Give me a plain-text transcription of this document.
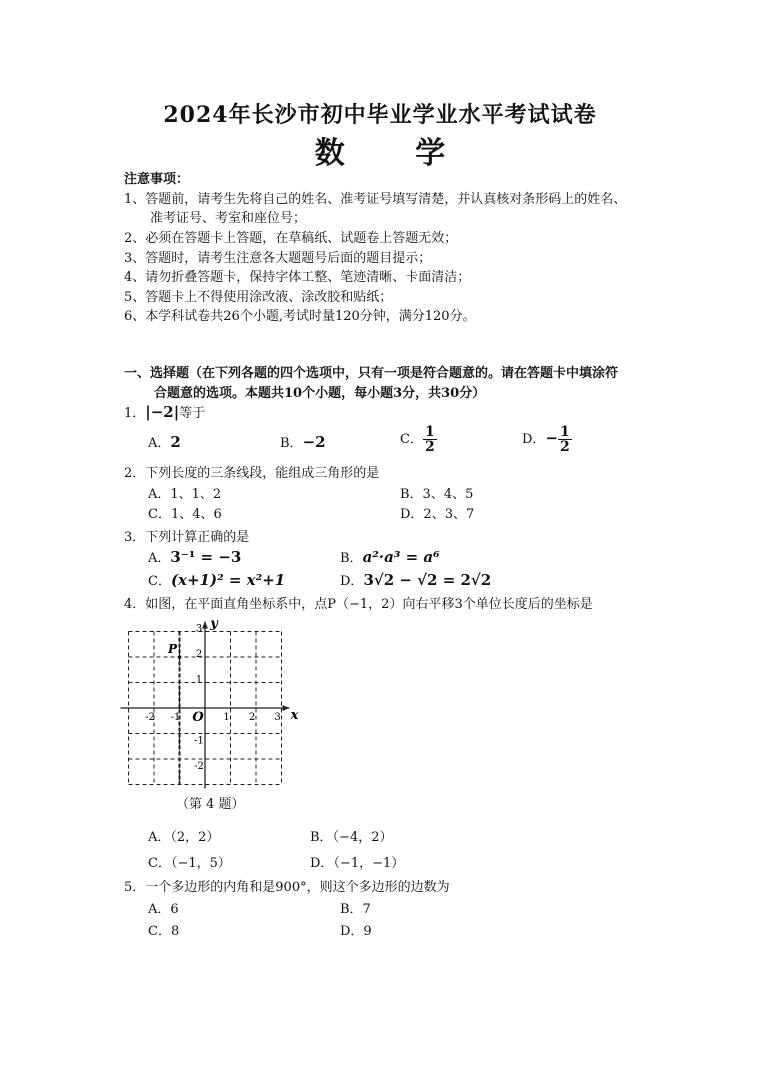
2024年长沙市初中毕业学业水平考试试卷
数 学
注意事项：
1、答题前，请考生先将自己的姓名、准考证号填写清楚，并认真核对条形码上的姓名、
准考证号、考室和座位号；
2、必须在答题卡上答题，在草稿纸、试题卷上答题无效；
3、答题时，请考生注意各大题题号后面的题目提示；
4、请勿折叠答题卡，保持字体工整、笔迹清晰、卡面清洁；
5、答题卡上不得使用涂改液、涂改胶和贴纸；
6、本学科试卷共26个小题,考试时量120分钟，满分120分。
一、选择题（在下列各题的四个选项中，只有一项是符合题意的。请在答题卡中填涂符
合题意的选项。本题共10个小题，每小题3分，共30分）
1．|−2|等于
A．2	B．−2	C． $\frac{1}{2}$	D．− $\frac{1}{2}$
2．下列长度的三条线段，能组成三角形的是
A．1、1、2	B．3、4、5
C．1、4、6	D．2、3、7
3．下列计算正确的是
A．3⁻¹ = −3	B．a²·a³ = a⁶
C．(x+1)² = x²+1	D．3√2 − √2 = 2√2
4．如图，在平面直角坐标系中，点P（−1，2）向右平移3个单位长度后的坐标是
-2 -1	1 2 3
3
2
1
-1
-2
x
y
O
P
（第 4 题）
A．（2，2）	B．（−4，2）
C．（−1，5）	D．（−1，−1）
5．一个多边形的内角和是900°，则这个多边形的边数为
A．6	B．7
C．8	D．9
